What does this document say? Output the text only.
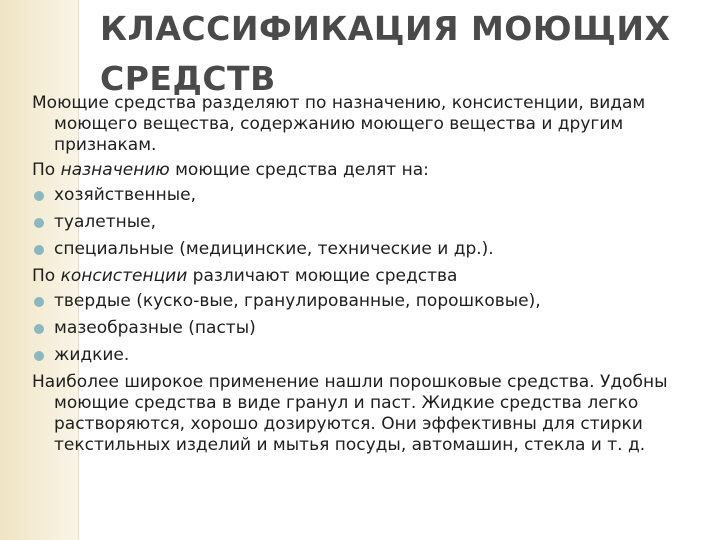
КЛАССИФИКАЦИЯ МОЮЩИХ СРЕДСТВ

Моющие средства разделяют по назначению, консистенции, видам моющего вещества, содержанию моющего вещества и другим признакам.

По назначению моющие средства делят на:

хозяйственные,
туалетные,
специальные (медицинские, технические и др.).

По консистенции различают моющие средства

твердые (куско-вые, гранулированные, порошковые),
мазеобразные (пасты)
жидкие.

Наиболее широкое применение нашли порошковые средства. Удобны моющие средства в виде гранул и паст. Жидкие средства легко растворяются, хорошо дозируются. Они эффективны для стирки текстильных изделий и мытья посуды, автомашин, стекла и т. д.
